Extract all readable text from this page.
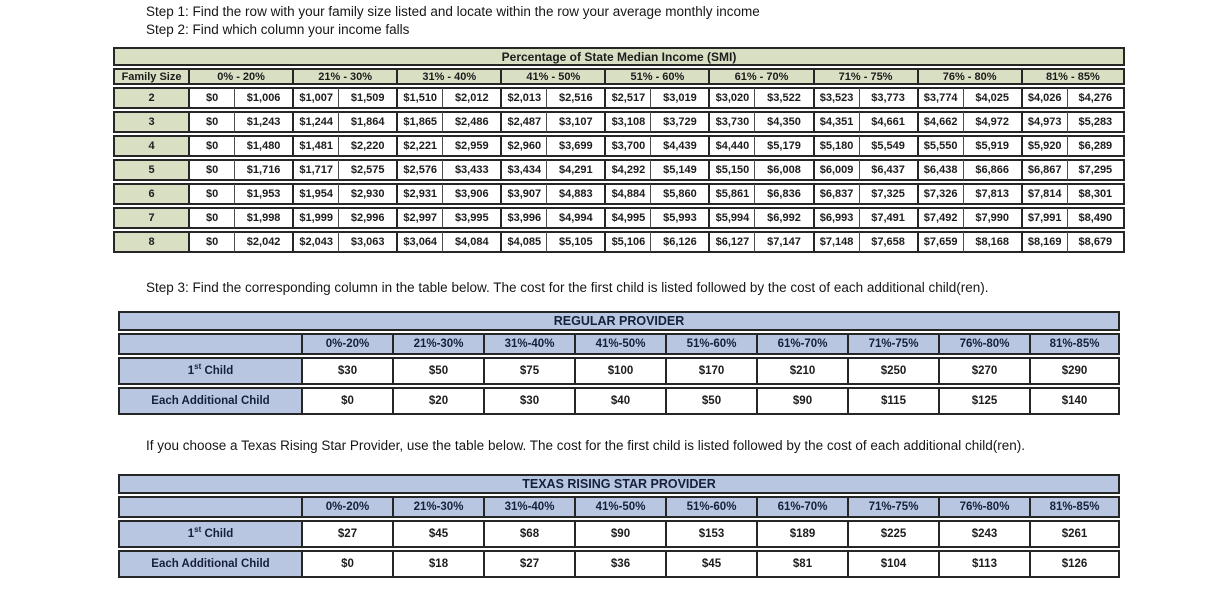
Step 1: Find the row with your family size listed and locate within the row your average monthly income
Step 2: Find which column your income falls
Percentage of State Median Income (SMI)																		
Family Size	0% - 20%		21% - 30%		31% - 40%		41% - 50%		51% - 60%		61% - 70%		71% - 75%		76% - 80%		81% - 85%	
2	$0	$1,006	$1,007	$1,509	$1,510	$2,012	$2,013	$2,516	$2,517	$3,019	$3,020	$3,522	$3,523	$3,773	$3,774	$4,025	$4,026	$4,276
3	$0	$1,243	$1,244	$1,864	$1,865	$2,486	$2,487	$3,107	$3,108	$3,729	$3,730	$4,350	$4,351	$4,661	$4,662	$4,972	$4,973	$5,283
4	$0	$1,480	$1,481	$2,220	$2,221	$2,959	$2,960	$3,699	$3,700	$4,439	$4,440	$5,179	$5,180	$5,549	$5,550	$5,919	$5,920	$6,289
5	$0	$1,716	$1,717	$2,575	$2,576	$3,433	$3,434	$4,291	$4,292	$5,149	$5,150	$6,008	$6,009	$6,437	$6,438	$6,866	$6,867	$7,295
6	$0	$1,953	$1,954	$2,930	$2,931	$3,906	$3,907	$4,883	$4,884	$5,860	$5,861	$6,836	$6,837	$7,325	$7,326	$7,813	$7,814	$8,301
7	$0	$1,998	$1,999	$2,996	$2,997	$3,995	$3,996	$4,994	$4,995	$5,993	$5,994	$6,992	$6,993	$7,491	$7,492	$7,990	$7,991	$8,490
8	$0	$2,042	$2,043	$3,063	$3,064	$4,084	$4,085	$5,105	$5,106	$6,126	$6,127	$7,147	$7,148	$7,658	$7,659	$8,168	$8,169	$8,679
Step 3: Find the corresponding column in the table below. The cost for the first child is listed followed by the cost of each additional child(ren).
REGULAR PROVIDER									
	0%-20%	21%-30%	31%-40%	41%-50%	51%-60%	61%-70%	71%-75%	76%-80%	81%-85%
1st Child	$30	$50	$75	$100	$170	$210	$250	$270	$290
Each Additional Child	$0	$20	$30	$40	$50	$90	$115	$125	$140
If you choose a Texas Rising Star Provider, use the table below. The cost for the first child is listed followed by the cost of each additional child(ren).
TEXAS RISING STAR PROVIDER									
	0%-20%	21%-30%	31%-40%	41%-50%	51%-60%	61%-70%	71%-75%	76%-80%	81%-85%
1st Child	$27	$45	$68	$90	$153	$189	$225	$243	$261
Each Additional Child	$0	$18	$27	$36	$45	$81	$104	$113	$126
